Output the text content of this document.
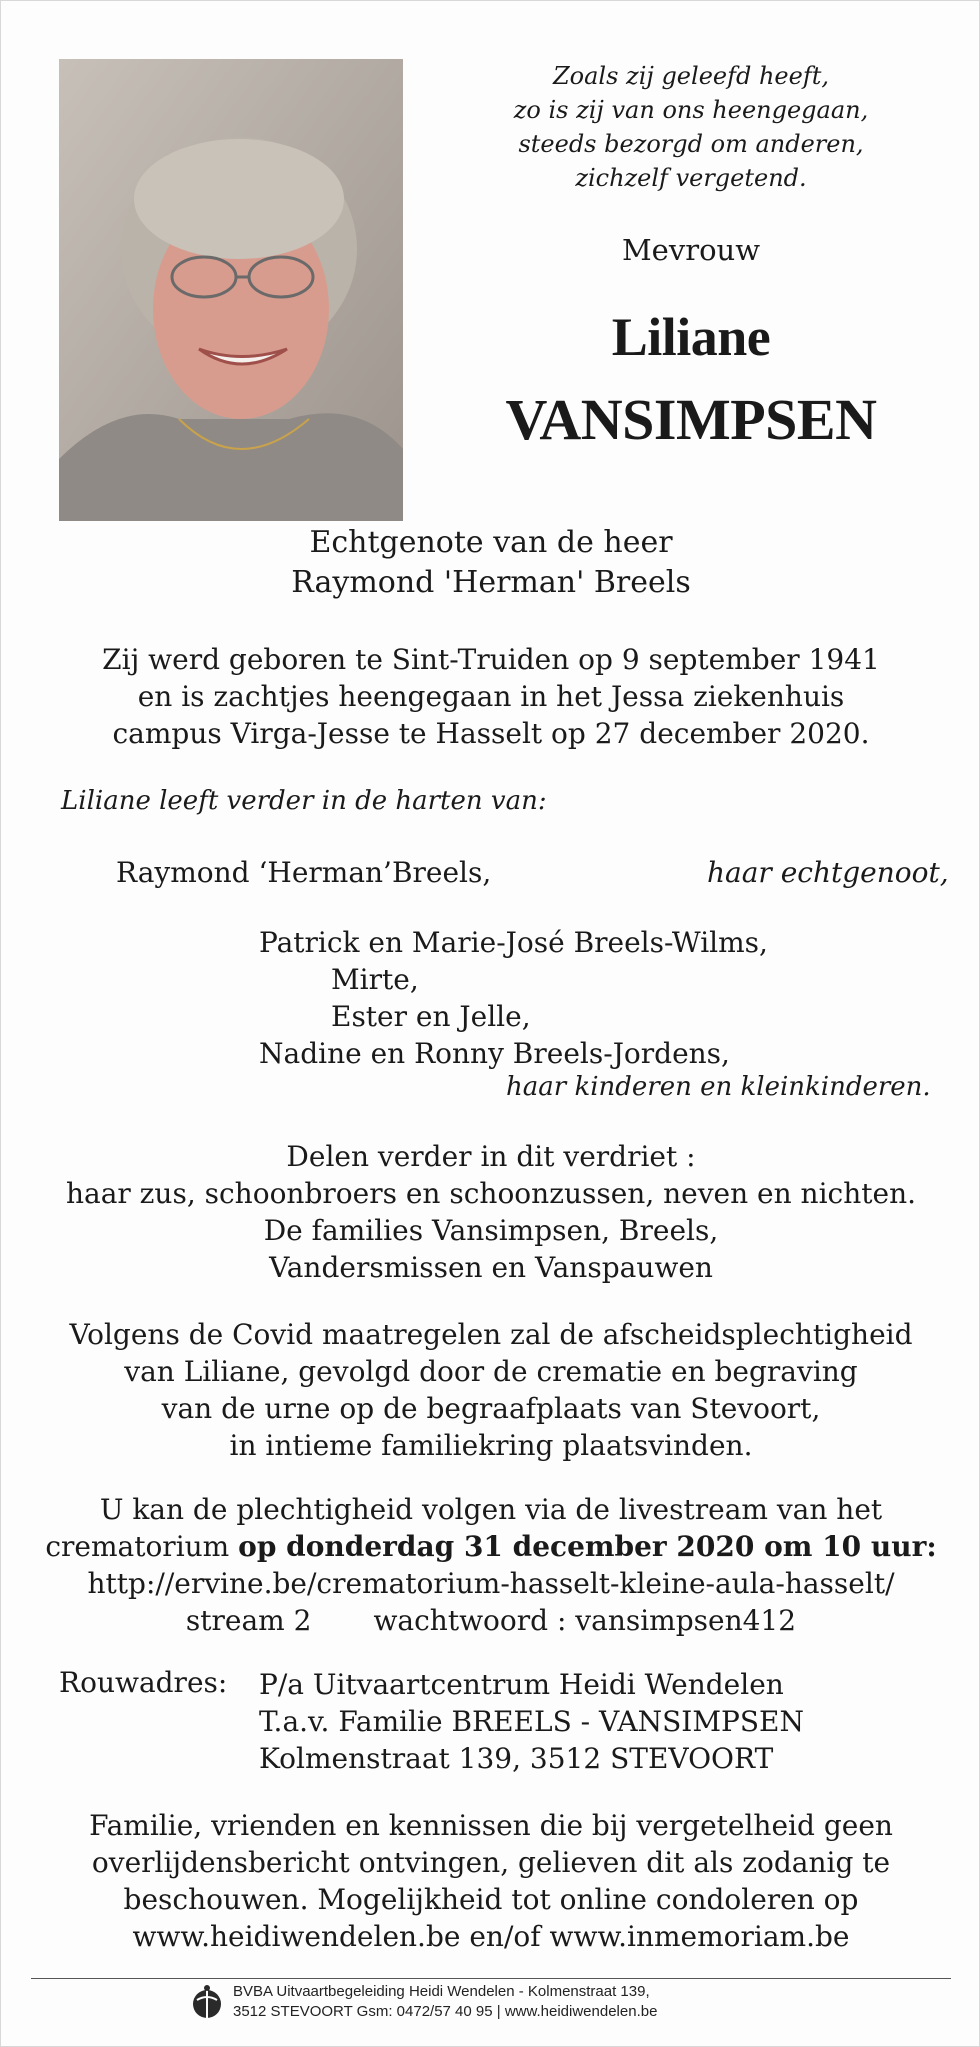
Zoals zij geleefd heeft,
zo is zij van ons heengegaan,
steeds bezorgd om anderen,
zichzelf vergetend.
Mevrouw
Liliane
VANSIMPSEN
Echtgenote van de heer
Raymond 'Herman' Breels
Zij werd geboren te Sint-Truiden op 9 september 1941
en is zachtjes heengegaan in het Jessa ziekenhuis
campus Virga-Jesse te Hasselt op 27 december 2020.
Liliane leeft verder in de harten van:
Raymond ‘Herman’Breels,	haar echtgenoot,
Patrick en Marie-José Breels-Wilms,
Mirte,
Ester en Jelle,
Nadine en Ronny Breels-Jordens,
haar kinderen en kleinkinderen.
Delen verder in dit verdriet :
haar zus, schoonbroers en schoonzussen, neven en nichten.
De families Vansimpsen, Breels,
Vandersmissen en Vanspauwen
Volgens de Covid maatregelen zal de afscheidsplechtigheid
van Liliane, gevolgd door de crematie en begraving
van de urne op de begraafplaats van Stevoort,
in intieme familiekring plaatsvinden.
U kan de plechtigheid volgen via de livestream van het
crematorium op donderdag 31 december 2020 om 10 uur:
http://ervine.be/crematorium-hasselt-kleine-aula-hasselt/
stream 2 wachtwoord : vansimpsen412
Rouwadres: P/a Uitvaartcentrum Heidi Wendelen
T.a.v. Familie BREELS - VANSIMPSEN
Kolmenstraat 139, 3512 STEVOORT
Familie, vrienden en kennissen die bij vergetelheid geen
overlijdensbericht ontvingen, gelieven dit als zodanig te
beschouwen. Mogelijkheid tot online condoleren op
www.heidiwendelen.be en/of www.inmemoriam.be
BVBA Uitvaartbegeleiding Heidi Wendelen - Kolmenstraat 139,
3512 STEVOORT Gsm: 0472/57 40 95 | www.heidiwendelen.be
